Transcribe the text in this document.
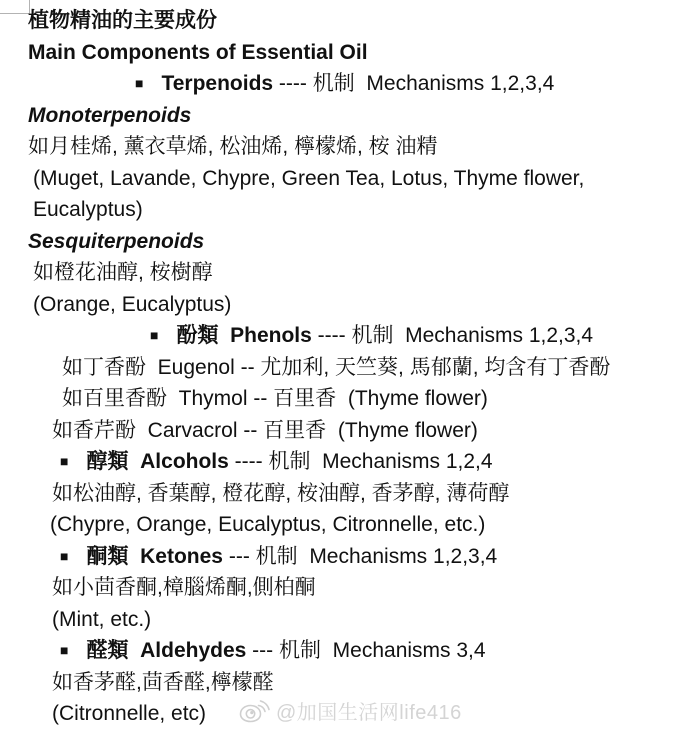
植物精油的主要成份
Main Components of Essential Oil
■ Terpenoids ---- 机制  Mechanisms 1,2,3,4
Monoterpenoids
如月桂烯, 薰衣草烯, 松油烯, 檸檬烯, 桉 油精
(Muget, Lavande, Chypre, Green Tea, Lotus, Thyme flower,
Eucalyptus)
Sesquiterpenoids
如橙花油醇, 桉樹醇
(Orange, Eucalyptus)
■ 酚類  Phenols ---- 机制  Mechanisms 1,2,3,4
如丁香酚  Eugenol -- 尤加利, 天竺葵, 馬郁蘭, 均含有丁香酚
如百里香酚  Thymol -- 百里香  (Thyme flower)
如香芹酚  Carvacrol -- 百里香  (Thyme flower)
■ 醇類  Alcohols ---- 机制  Mechanisms 1,2,4
如松油醇, 香葉醇, 橙花醇, 桉油醇, 香茅醇, 薄荷醇
(Chypre, Orange, Eucalyptus, Citronnelle, etc.)
■ 酮類  Ketones --- 机制  Mechanisms 1,2,3,4
如小茴香酮,樟腦烯酮,側柏酮
(Mint, etc.)
■ 醛類  Aldehydes --- 机制  Mechanisms 3,4
如香茅醛,茴香醛,檸檬醛
(Citronnelle, etc)	@加国生活网life416
